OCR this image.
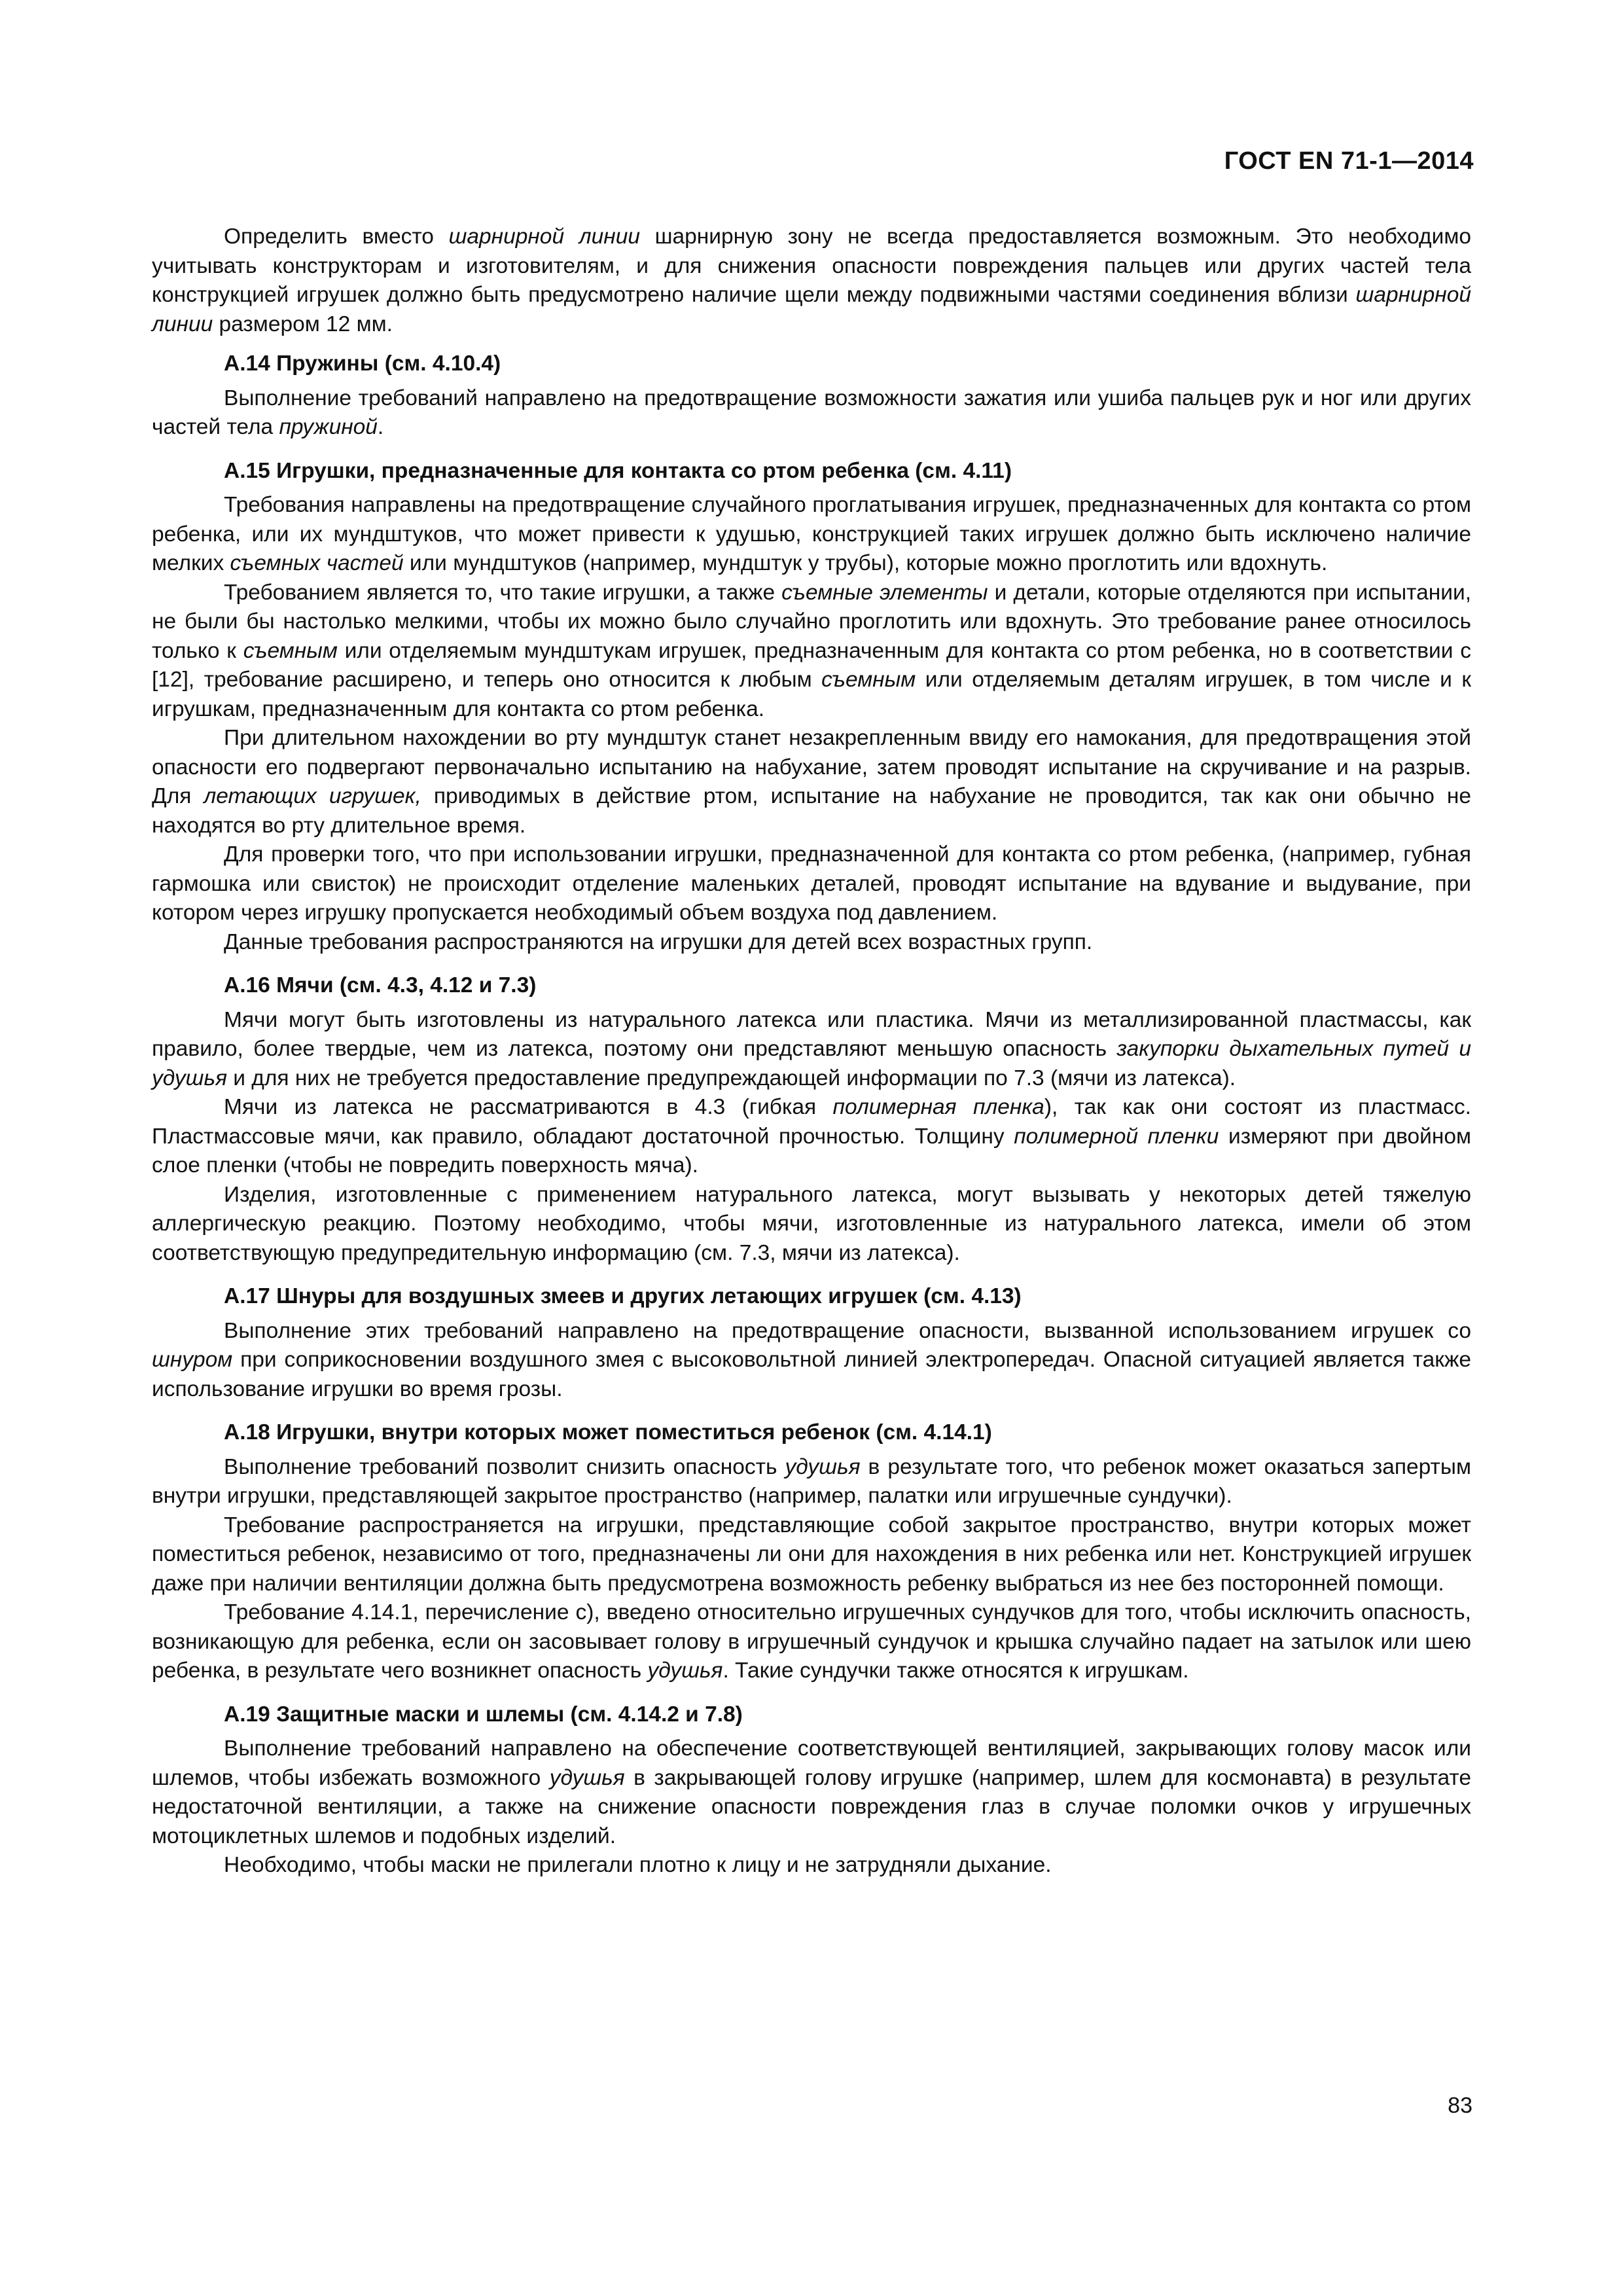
ГОСТ EN 71-1—2014

Определить вместо шарнирной линии шарнирную зону не всегда предоставляется возможным. Это необходимо учитывать конструкторам и изготовителям, и для снижения опасности повреждения пальцев или других частей тела конструкцией игрушек должно быть предусмотрено наличие щели между подвижными частями соединения вблизи шарнирной линии размером 12 мм.

А.14 Пружины (см. 4.10.4)

Выполнение требований направлено на предотвращение возможности зажатия или ушиба пальцев рук и ног или других частей тела пружиной.

А.15 Игрушки, предназначенные для контакта со ртом ребенка (см. 4.11)

Требования направлены на предотвращение случайного проглатывания игрушек, предназначенных для контакта со ртом ребенка, или их мундштуков, что может привести к удушью, конструкцией таких игрушек должно быть исключено наличие мелких съемных частей или мундштуков (например, мундштук у трубы), которые можно проглотить или вдохнуть.

Требованием является то, что такие игрушки, а также съемные элементы и детали, которые отделяются при испытании, не были бы настолько мелкими, чтобы их можно было случайно проглотить или вдохнуть. Это требование ранее относилось только к съемным или отделяемым мундштукам игрушек, предназначенным для контакта со ртом ребенка, но в соответствии с [12], требование расширено, и теперь оно относится к любым съемным или отделяемым деталям игрушек, в том числе и к игрушкам, предназначенным для контакта со ртом ребенка.

При длительном нахождении во рту мундштук станет незакрепленным ввиду его намокания, для предотвращения этой опасности его подвергают первоначально испытанию на набухание, затем проводят испытание на скручивание и на разрыв. Для летающих игрушек, приводимых в действие ртом, испытание на набухание не проводится, так как они обычно не находятся во рту длительное время.

Для проверки того, что при использовании игрушки, предназначенной для контакта со ртом ребенка, (например, губная гармошка или свисток) не происходит отделение маленьких деталей, проводят испытание на вдувание и выдувание, при котором через игрушку пропускается необходимый объем воздуха под давлением.

Данные требования распространяются на игрушки для детей всех возрастных групп.

А.16 Мячи (см. 4.3, 4.12 и 7.3)

Мячи могут быть изготовлены из натурального латекса или пластика. Мячи из металлизированной пластмассы, как правило, более твердые, чем из латекса, поэтому они представляют меньшую опасность закупорки дыхательных путей и удушья и для них не требуется предоставление предупреждающей информации по 7.3 (мячи из латекса).

Мячи из латекса не рассматриваются в 4.3 (гибкая полимерная пленка), так как они состоят из пластмасс. Пластмассовые мячи, как правило, обладают достаточной прочностью. Толщину полимерной пленки измеряют при двойном слое пленки (чтобы не повредить поверхность мяча).

Изделия, изготовленные с применением натурального латекса, могут вызывать у некоторых детей тяжелую аллергическую реакцию. Поэтому необходимо, чтобы мячи, изготовленные из натурального латекса, имели об этом соответствующую предупредительную информацию (см. 7.3, мячи из латекса).

А.17 Шнуры для воздушных змеев и других летающих игрушек (см. 4.13)

Выполнение этих требований направлено на предотвращение опасности, вызванной использованием игрушек со шнуром при соприкосновении воздушного змея с высоковольтной линией электропередач. Опасной ситуацией является также использование игрушки во время грозы.

А.18 Игрушки, внутри которых может поместиться ребенок (см. 4.14.1)

Выполнение требований позволит снизить опасность удушья в результате того, что ребенок может оказаться запертым внутри игрушки, представляющей закрытое пространство (например, палатки или игрушечные сундучки).

Требование распространяется на игрушки, представляющие собой закрытое пространство, внутри которых может поместиться ребенок, независимо от того, предназначены ли они для нахождения в них ребенка или нет. Конструкцией игрушек даже при наличии вентиляции должна быть предусмотрена возможность ребенку выбраться из нее без посторонней помощи.

Требование 4.14.1, перечисление с), введено относительно игрушечных сундучков для того, чтобы исключить опасность, возникающую для ребенка, если он засовывает голову в игрушечный сундучок и крышка случайно падает на затылок или шею ребенка, в результате чего возникнет опасность удушья. Такие сундучки также относятся к игрушкам.

А.19 Защитные маски и шлемы (см. 4.14.2 и 7.8)

Выполнение требований направлено на обеспечение соответствующей вентиляцией, закрывающих голову масок или шлемов, чтобы избежать возможного удушья в закрывающей голову игрушке (например, шлем для космонавта) в результате недостаточной вентиляции, а также на снижение опасности повреждения глаз в случае поломки очков у игрушечных мотоциклетных шлемов и подобных изделий.

Необходимо, чтобы маски не прилегали плотно к лицу и не затрудняли дыхание.

83
